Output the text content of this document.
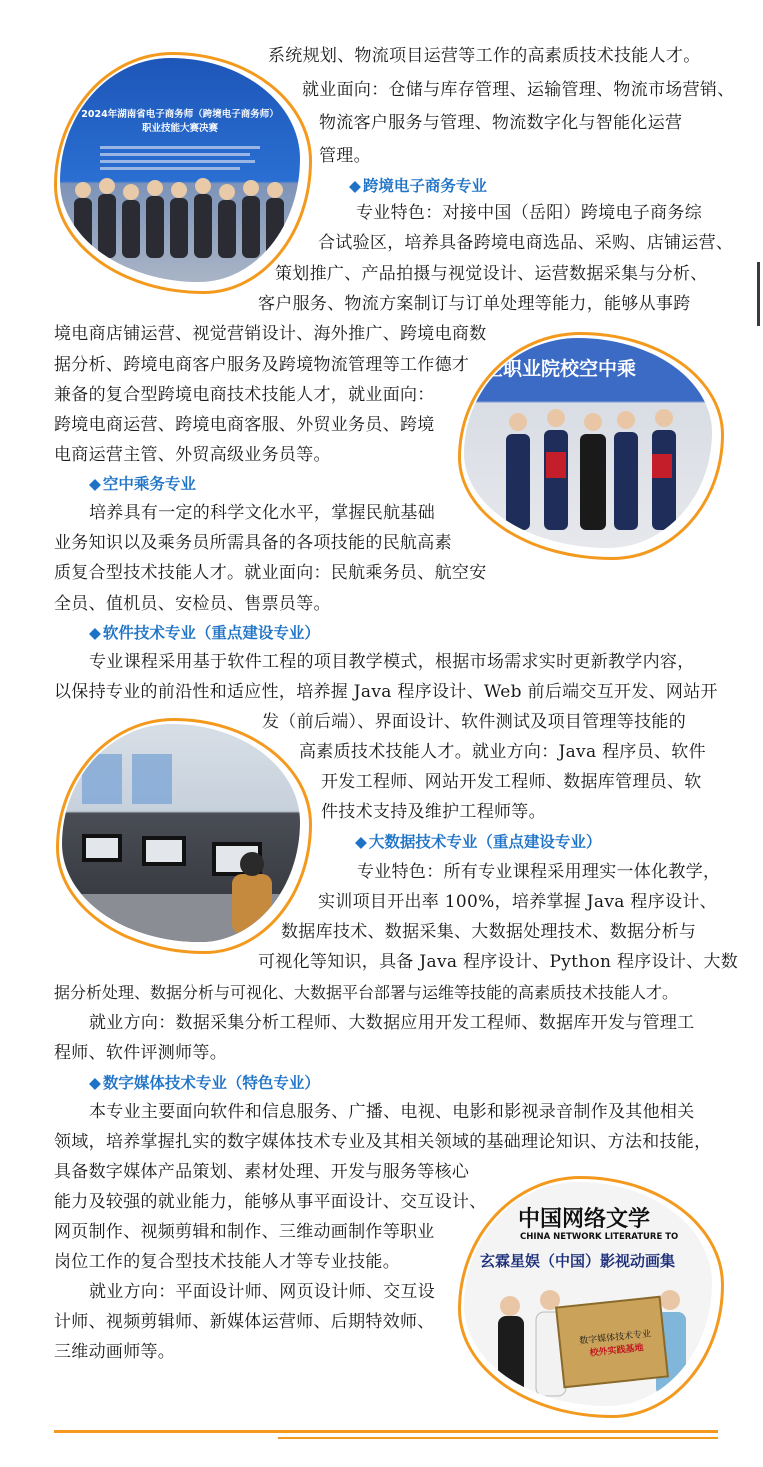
2024年湖南省电子商务师（跨境电子商务师）
职业技能大赛决赛
空职业院校空中乘
中国网络文学
CHINA NETWORK LITERATURE TO
玄霖星娱（中国）影视动画集
数字媒体技术专业
校外实践基地
系统规划、物流项目运营等工作的高素质技术技能人才。
就业面向：仓储与库存管理、运输管理、物流市场营销、
物流客户服务与管理、物流数字化与智能化运营
管理。
◆ 跨境电子商务专业
专业特色：对接中国（岳阳）跨境电子商务综
合试验区，培养具备跨境电商选品、采购、店铺运营、
策划推广、产品拍摄与视觉设计、运营数据采集与分析、
客户服务、物流方案制订与订单处理等能力，能够从事跨
境电商店铺运营、视觉营销设计、海外推广、跨境电商数
据分析、跨境电商客户服务及跨境物流管理等工作德才
兼备的复合型跨境电商技术技能人才，就业面向：
跨境电商运营、跨境电商客服、外贸业务员、跨境
电商运营主管、外贸高级业务员等。
◆ 空中乘务专业
培养具有一定的科学文化水平，掌握民航基础
业务知识以及乘务员所需具备的各项技能的民航高素
质复合型技术技能人才。就业面向：民航乘务员、航空安
全员、值机员、安检员、售票员等。
◆ 软件技术专业（重点建设专业）
专业课程采用基于软件工程的项目教学模式，根据市场需求实时更新教学内容，
以保持专业的前沿性和适应性，培养握 Java 程序设计、Web 前后端交互开发、网站开
发（前后端）、界面设计、软件测试及项目管理等技能的
高素质技术技能人才。就业方向：Java 程序员、软件
开发工程师、网站开发工程师、数据库管理员、软
件技术支持及维护工程师等。
◆ 大数据技术专业（重点建设专业）
专业特色：所有专业课程采用理实一体化教学，
实训项目开出率 100%，培养掌握 Java 程序设计、
数据库技术、数据采集、大数据处理技术、数据分析与
可视化等知识，具备 Java 程序设计、Python 程序设计、大数
据分析处理、数据分析与可视化、大数据平台部署与运维等技能的高素质技术技能人才。
就业方向：数据采集分析工程师、大数据应用开发工程师、数据库开发与管理工
程师、软件评测师等。
◆ 数字媒体技术专业（特色专业）
本专业主要面向软件和信息服务、广播、电视、电影和影视录音制作及其他相关
领域，培养掌握扎实的数字媒体技术专业及其相关领域的基础理论知识、方法和技能，
具备数字媒体产品策划、素材处理、开发与服务等核心
能力及较强的就业能力，能够从事平面设计、交互设计、
网页制作、视频剪辑和制作、三维动画制作等职业
岗位工作的复合型技术技能人才等专业技能。
就业方向：平面设计师、网页设计师、交互设
计师、视频剪辑师、新媒体运营师、后期特效师、
三维动画师等。
